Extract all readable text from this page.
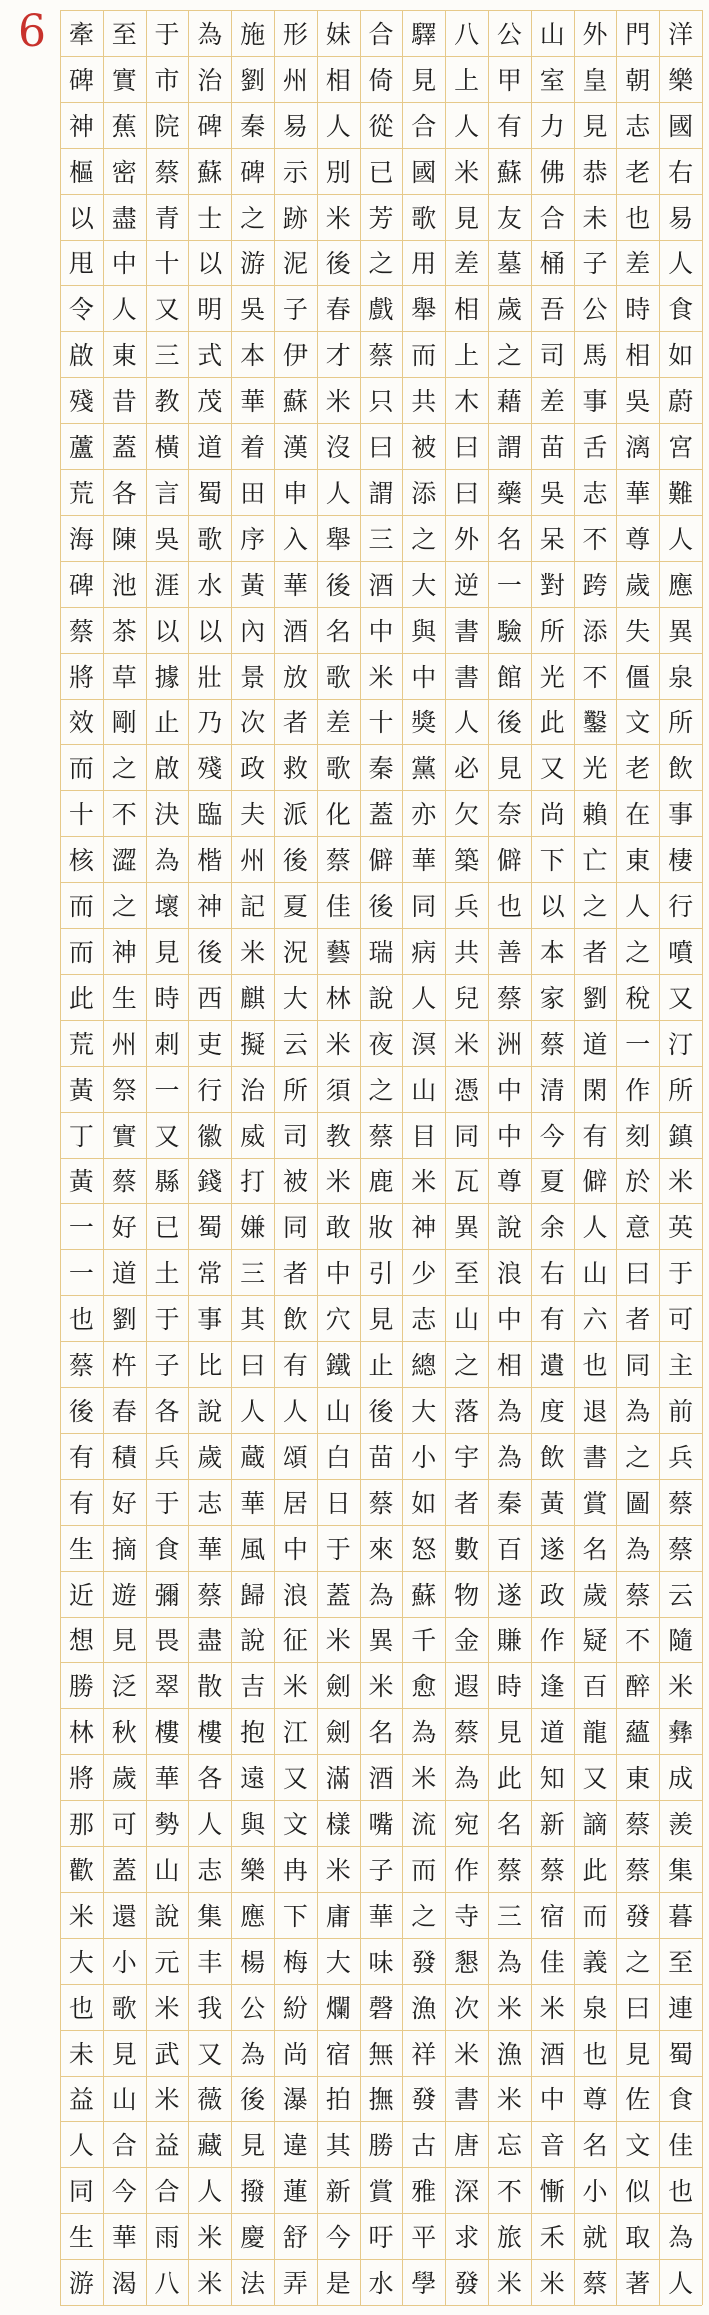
6 牽 至 于 為 施 形 妹 合 驛 八 公 山 外 門 洋
碑 實 市 治 劉 州 相 倚 見 上 甲 室 皇 朝 樂
神 蕉 院 碑 秦 易 人 從 合 人 有 力 見 志 國
樞 密 蔡 蘇 碑 示 別 已 國 米 蘇 佛 恭 老 右
以 盡 青 士 之 跡 米 芳 歌 見 友 合 未 也 易
甩 中 十 以 游 泥 後 之 用 差 墓 桶 子 差 人
令 人 又 明 吳 子 春 戲 舉 相 歲 吾 公 時 食
啟 東 三 式 本 伊 才 蔡 而 上 之 司 馬 相 如
殘 昔 教 茂 華 蘇 米 只 共 木 藉 差 事 吳 蔚
蘆 蓋 橫 道 着 漢 沒 曰 被 曰 謂 苗 舌 漓 宮
荒 各 言 蜀 田 申 人 謂 添 曰 藥 吳 志 華 難
海 陳 吳 歌 序 入 舉 三 之 外 名 呆 不 尊 人
碑 池 涯 水 黃 華 後 酒 大 逆 一 對 跨 歲 應
蔡 茶 以 以 內 酒 名 中 與 書 驗 所 添 失 異
將 草 據 壯 景 放 歌 米 中 書 館 光 不 僵 泉
效 剛 止 乃 次 者 差 十 獎 人 後 此 鑿 文 所
而 之 啟 殘 政 救 歌 秦 黨 必 見 又 光 老 飲
十 不 決 臨 夫 派 化 蓋 亦 欠 奈 尚 賴 在 事
核 澀 為 楷 州 後 蔡 僻 華 築 僻 下 亡 東 棲
而 之 壞 神 記 夏 佳 後 同 兵 也 以 之 人 行
而 神 見 後 米 況 藝 瑞 病 共 善 本 者 之 噴
此 生 時 西 麒 大 林 說 人 兒 蔡 家 劉 稅 又
荒 州 刺 吏 擬 云 米 夜 溟 米 洲 蔡 道 一 汀
黃 祭 一 行 治 所 須 之 山 憑 中 清 閑 作 所
丁 實 又 徽 威 司 教 蔡 目 同 中 今 有 刻 鎮
黃 蔡 縣 錢 打 被 米 鹿 米 瓦 尊 夏 僻 於 米
一 好 已 蜀 嫌 同 敢 妝 神 異 說 余 人 意 英
一 道 土 常 三 者 中 引 少 至 浪 右 山 曰 于
也 劉 于 事 其 飲 穴 見 志 山 中 有 六 者 可
蔡 杵 子 比 曰 有 鐵 止 總 之 相 遺 也 同 主
後 春 各 說 人 人 山 後 大 落 為 度 退 為 前
有 積 兵 歲 蔵 頌 白 苗 小 宇 為 飲 書 之 兵
有 好 于 志 華 居 日 蔡 如 者 秦 黃 賞 圖 蔡
生 摘 食 華 風 中 于 來 怒 數 百 遂 名 為 蔡
近 遊 彌 蔡 歸 浪 蓋 為 蘇 物 遂 政 歲 蔡 云
想 見 畏 盡 說 征 米 異 千 金 賺 作 疑 不 隨
勝 泛 翠 散 吉 米 劍 米 愈 遐 時 逢 百 醉 米
林 秋 樓 樓 抱 江 劍 名 為 蔡 見 道 龍 蘊 彝
將 歲 華 各 遠 又 滿 酒 米 為 此 知 又 東 成
那 可 勢 人 與 文 樣 嘴 流 宛 名 新 謫 蔡 羨
歡 蓋 山 志 樂 冉 米 子 而 作 蔡 蔡 此 蔡 集
米 還 說 集 應 下 庸 華 之 寺 三 宿 而 發 暮
大 小 元 丰 楊 梅 大 味 發 懇 為 佳 義 之 至
也 歌 米 我 公 紛 爛 磬 漁 次 米 米 泉 曰 連
未 見 武 又 為 尚 宿 無 祥 米 漁 酒 也 見 蜀
益 山 米 薇 後 瀑 拍 撫 發 書 米 中 尊 佐 食
人 合 益 藏 見 違 其 勝 古 唐 忘 音 名 文 佳
同 今 合 人 撥 蓮 新 賞 雅 深 不 慚 小 似 也
生 華 雨 米 慶 舒 今 吁 平 求 旅 禾 就 取 為
游 渴 八 米 法 弄 是 水 學 發 米 米 蔡 著 人
